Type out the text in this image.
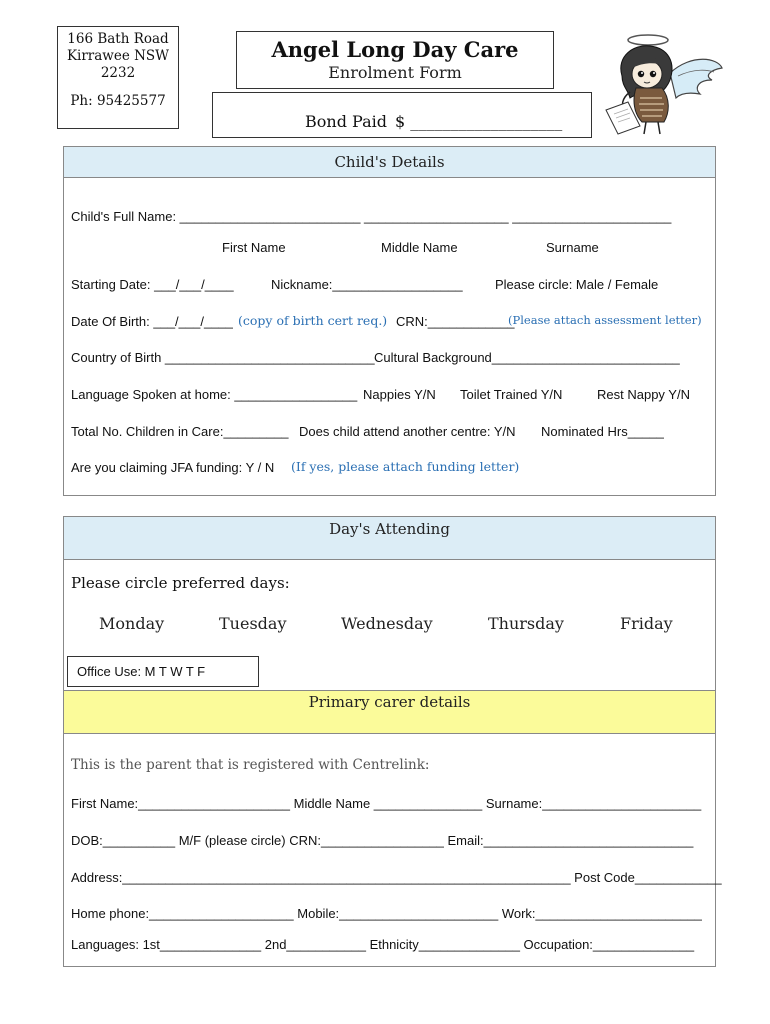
166 Bath Road
Kirrawee NSW
2232
Ph: 95425577
Angel Long Day Care
Enrolment Form
Bond Paid $ ___________________
Child's Details
Child's Full Name: _________________________ ____________________ ______________________
First Name	Middle Name	Surname
Starting Date: ___/___/____	Nickname:__________________ Please circle: Male / Female
Date Of Birth: ___/___/____ (copy of birth cert req.) CRN:____________
(Please attach assessment letter)
Country of Birth _____________________________ Cultural Background__________________________
Language Spoken at home: _________________ Nappies Y/N Toilet Trained Y/N	Rest Nappy Y/N
Total No. Children in Care:_________ Does child attend another centre: Y/N Nominated Hrs_____
Are you claiming JFA funding: Y / N (If yes, please attach funding letter)
Day's Attending
Please circle preferred days:
Monday	Tuesday	Wednesday	Thursday	Friday
Office Use: M T W T F
Primary carer details
This is the parent that is registered with Centrelink:
First Name:_____________________ Middle Name _______________ Surname:______________________
DOB:__________ M/F (please circle) CRN:_________________ Email:_____________________________
Address:______________________________________________________________ Post Code____________
Home phone:____________________ Mobile:______________________ Work:_______________________
Languages: 1st______________ 2nd___________ Ethnicity______________ Occupation:______________
